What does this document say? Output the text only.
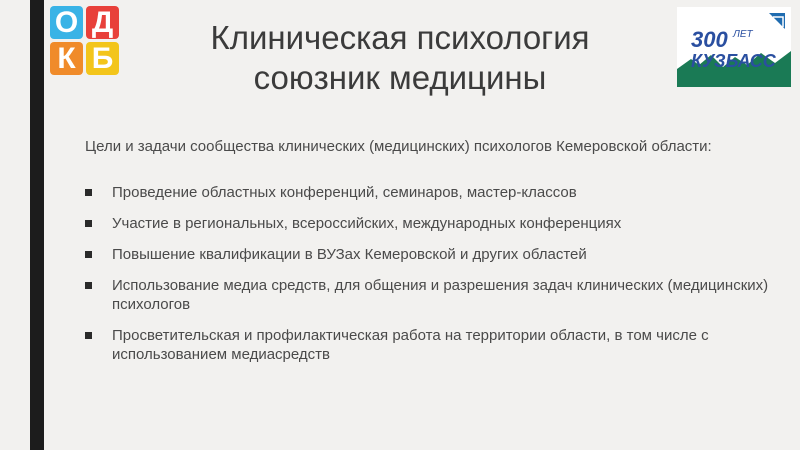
О Д
К Б
Клиническая психология
союзник медицины
300 ЛЕТ
КУЗБАСС
Цели и задачи сообщества клинических (медицинских) психологов Кемеровской области:
Проведение областных конференций, семинаров, мастер-классов
Участие в региональных, всероссийских, международных конференциях
Повышение квалификации в ВУЗах Кемеровской и других областей
Использование медиа средств, для общения и разрешения задач клинических (медицинских) психологов
Просветительская и профилактическая работа на территории области, в том числе с использованием медиасредств
